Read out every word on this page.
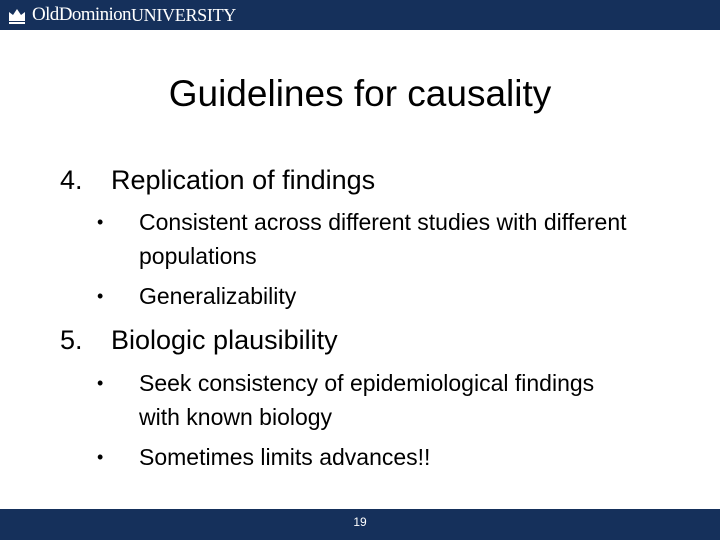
OldDominion UNIVERSITY
Guidelines for causality
4.	Replication of findings
•	Consistent across different studies with different populations
•	Generalizability
5.	Biologic plausibility
•	Seek consistency of epidemiological findings with known biology
•	Sometimes limits advances!!
19
